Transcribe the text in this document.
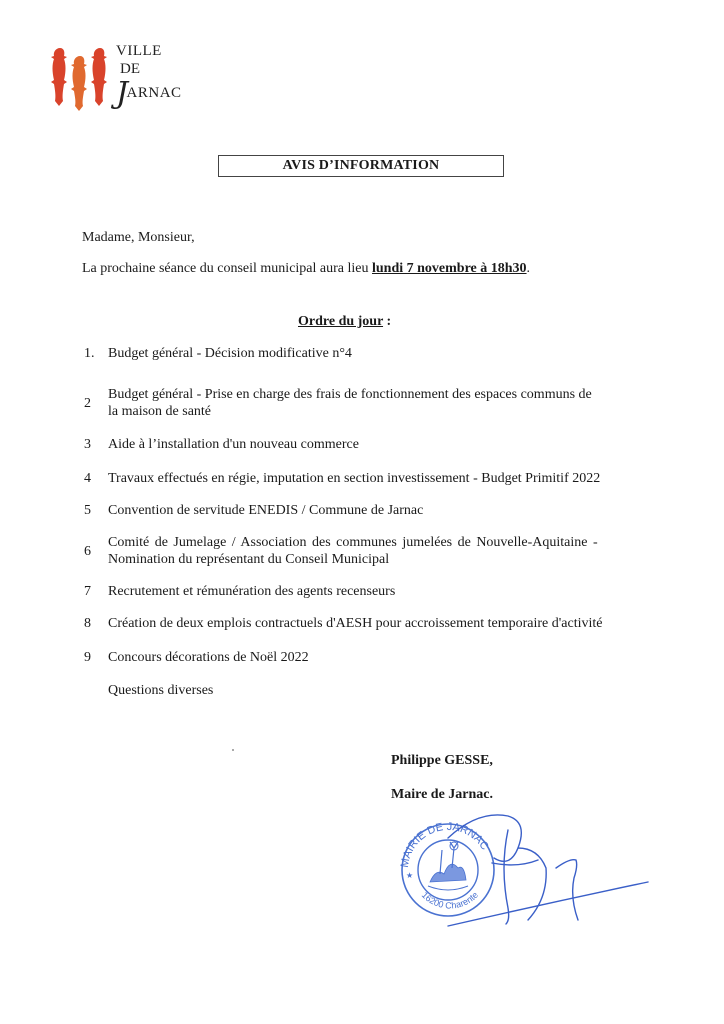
VILLE
DE
JARNAC
AVIS D’INFORMATION
Madame, Monsieur,
La prochaine séance du conseil municipal aura lieu lundi 7 novembre à 18h30.
Ordre du jour :
1. Budget général - Décision modificative n°4
2
Budget général - Prise en charge des frais de fonctionnement des espaces communs de
la maison de santé
3 Aide à l’installation d'un nouveau commerce
4 Travaux effectués en régie, imputation en section investissement - Budget Primitif 2022
5 Convention de servitude ENEDIS / Commune de Jarnac
6
Comité de Jumelage / Association des communes jumelées de Nouvelle-Aquitaine -
Nomination du représentant du Conseil Municipal
7 Recrutement et rémunération des agents recenseurs
8 Création de deux emplois contractuels d'AESH pour accroissement temporaire d'activité
9 Concours décorations de Noël 2022
Questions diverses
Philippe GESSE,
Maire de Jarnac.
MAIRIE DE JARNAC
16200 Charente
★
